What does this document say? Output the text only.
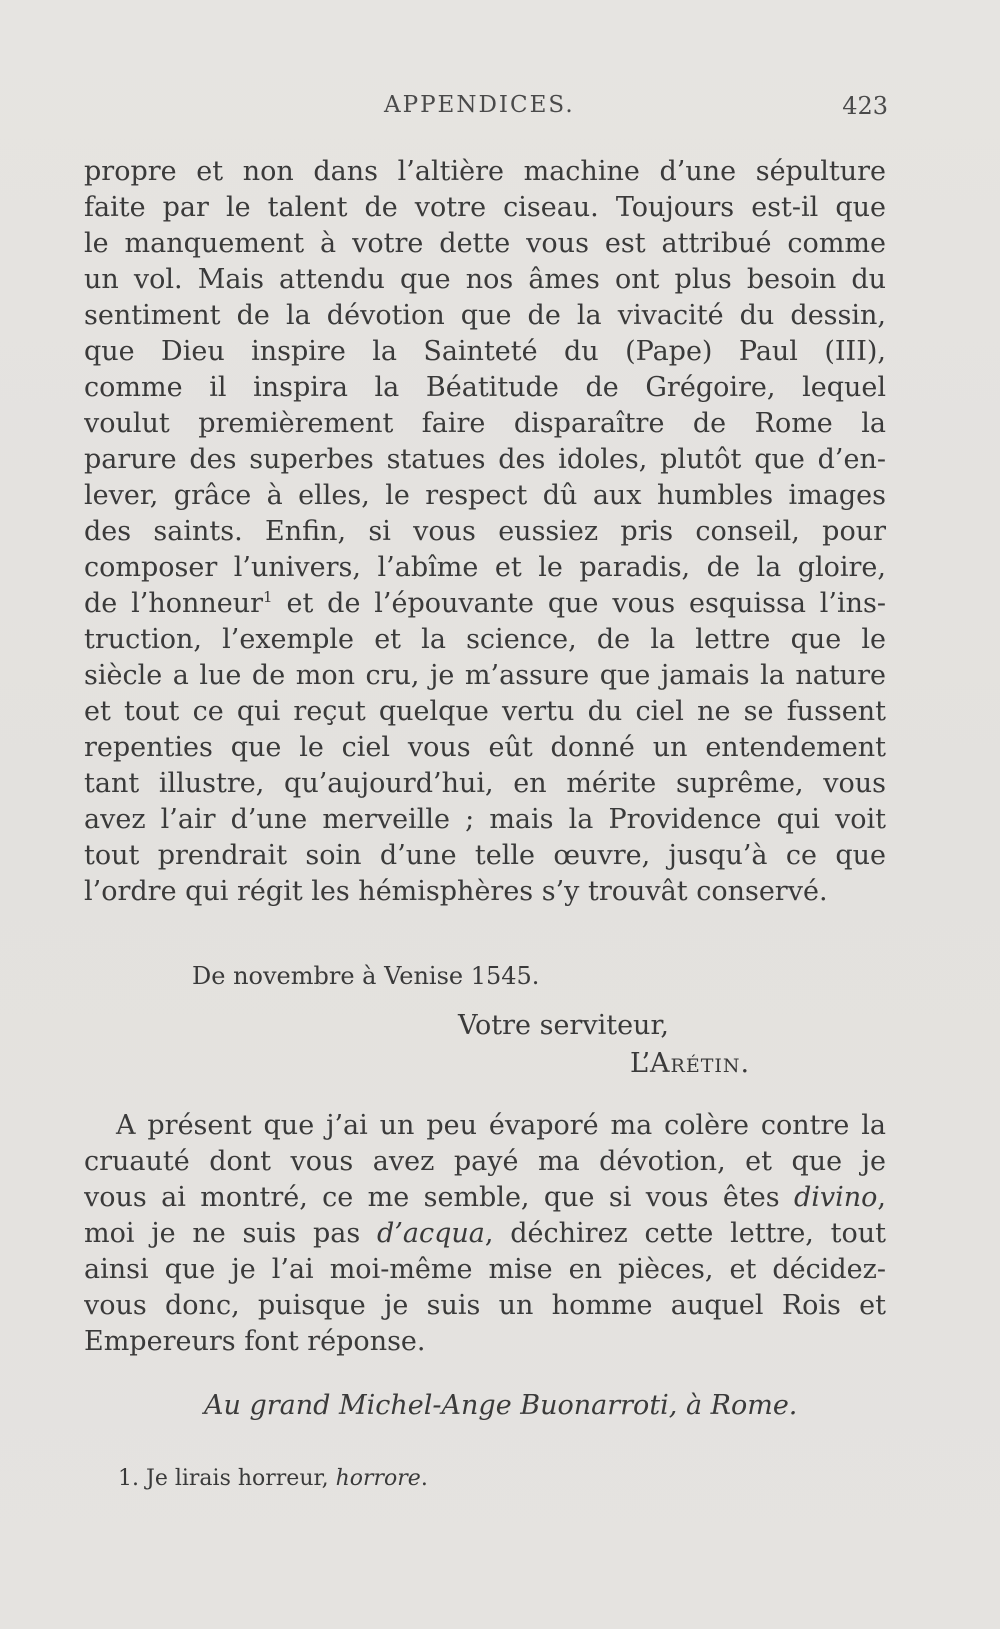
APPENDICES.	423
propre et non dans l’altière machine d’une sépulture
faite par le talent de votre ciseau. Toujours est-il que
le manquement à votre dette vous est attribué comme
un vol. Mais attendu que nos âmes ont plus besoin du
sentiment de la dévotion que de la vivacité du dessin,
que Dieu inspire la Sainteté du (Pape) Paul (III),
comme il inspira la Béatitude de Grégoire, lequel
voulut premièrement faire disparaître de Rome la
parure des superbes statues des idoles, plutôt que d’en-
lever, grâce à elles, le respect dû aux humbles images
des saints. Enfin, si vous eussiez pris conseil, pour
composer l’univers, l’abîme et le paradis, de la gloire,
de l’honneur$^1$ et de l’épouvante que vous esquissa l’ins-
truction, l’exemple et la science, de la lettre que le
siècle a lue de mon cru, je m’assure que jamais la nature
et tout ce qui reçut quelque vertu du ciel ne se fussent
repenties que le ciel vous eût donné un entendement
tant illustre, qu’aujourd’hui, en mérite suprême, vous
avez l’air d’une merveille ; mais la Providence qui voit
tout prendrait soin d’une telle œuvre, jusqu’à ce que
l’ordre qui régit les hémisphères s’y trouvât conservé.
De novembre à Venise 1545.
Votre serviteur,
L’Arétin.
A présent que j’ai un peu évaporé ma colère contre la
cruauté dont vous avez payé ma dévotion, et que je
vous ai montré, ce me semble, que si vous êtes divino,
moi je ne suis pas d’acqua, déchirez cette lettre, tout
ainsi que je l’ai moi-même mise en pièces, et décidez-
vous donc, puisque je suis un homme auquel Rois et
Empereurs font réponse.
Au grand Michel-Ange Buonarroti, à Rome.
1. Je lirais horreur, horrore.
